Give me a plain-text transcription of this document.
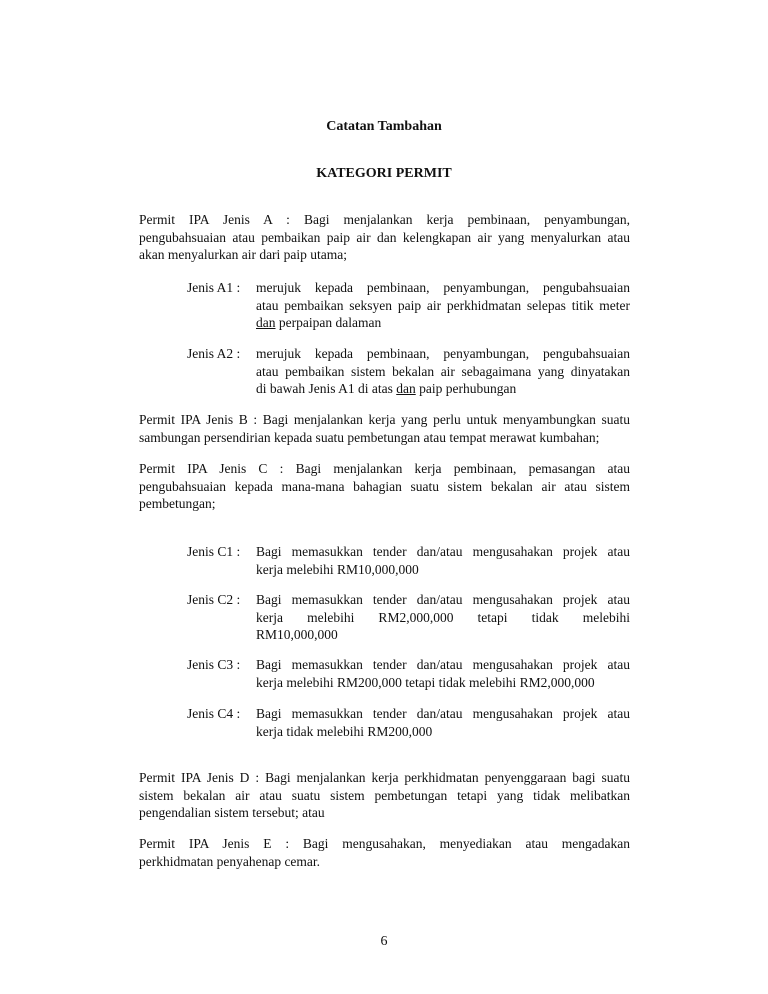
Catatan Tambahan
KATEGORI PERMIT
Permit IPA Jenis A : Bagi menjalankan kerja pembinaan, penyambungan,
pengubahsuaian atau pembaikan paip air dan kelengkapan air yang menyalurkan atau
akan menyalurkan air dari paip utama;
Jenis A1 :	merujuk kepada pembinaan, penyambungan, pengubahsuaian
atau pembaikan seksyen paip air perkhidmatan selepas titik meter
dan perpaipan dalaman
Jenis A2 :	merujuk kepada pembinaan, penyambungan, pengubahsuaian
atau pembaikan sistem bekalan air sebagaimana yang dinyatakan
di bawah Jenis A1 di atas dan paip perhubungan
Permit IPA Jenis B : Bagi menjalankan kerja yang perlu untuk menyambungkan suatu
sambungan persendirian kepada suatu pembetungan atau tempat merawat kumbahan;
Permit IPA Jenis C : Bagi menjalankan kerja pembinaan, pemasangan atau
pengubahsuaian kepada mana-mana bahagian suatu sistem bekalan air atau sistem
pembetungan;
Jenis C1 :	Bagi memasukkan tender dan/atau mengusahakan projek atau
kerja melebihi RM10,000,000
Jenis C2 :	Bagi memasukkan tender dan/atau mengusahakan projek atau
kerja melebihi RM2,000,000 tetapi tidak melebihi
RM10,000,000
Jenis C3 :	Bagi memasukkan tender dan/atau mengusahakan projek atau
kerja melebihi RM200,000 tetapi tidak melebihi RM2,000,000
Jenis C4 :	Bagi memasukkan tender dan/atau mengusahakan projek atau
kerja tidak melebihi RM200,000
Permit IPA Jenis D : Bagi menjalankan kerja perkhidmatan penyenggaraan bagi suatu
sistem bekalan air atau suatu sistem pembetungan tetapi yang tidak melibatkan
pengendalian sistem tersebut; atau
Permit IPA Jenis E : Bagi mengusahakan, menyediakan atau mengadakan
perkhidmatan penyahenap cemar.
6
